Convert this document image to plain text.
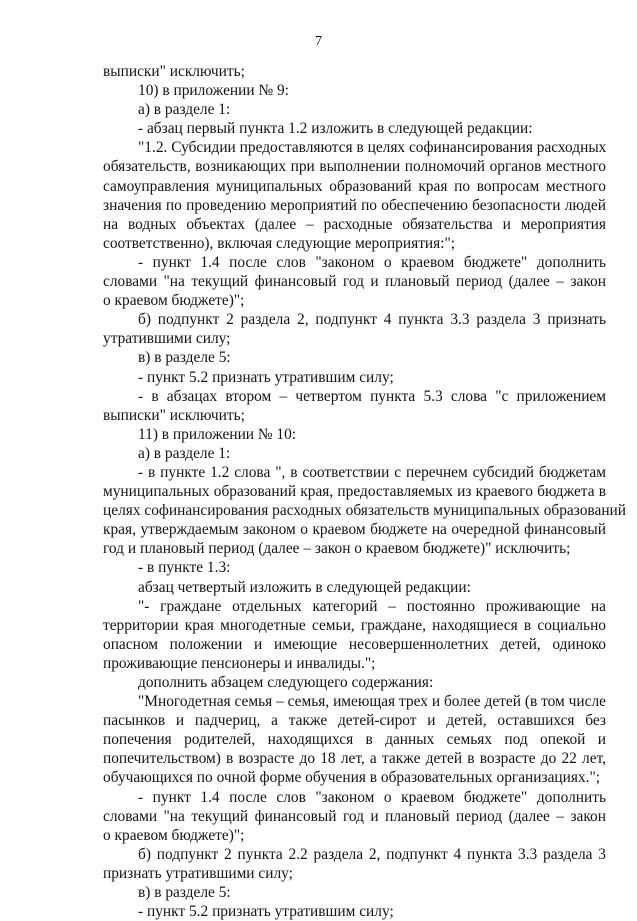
7
выписки" исключить;
10) в приложении № 9:
а) в разделе 1:
- абзац первый пункта 1.2 изложить в следующей редакции:
"1.2. Субсидии предоставляются в целях софинансирования расходных
обязательств, возникающих при выполнении полномочий органов местного
самоуправления муниципальных образований края по вопросам местного
значения по проведению мероприятий по обеспечению безопасности людей
на водных объектах (далее – расходные обязательства и мероприятия
соответственно), включая следующие мероприятия:";
- пункт 1.4 после слов "законом о краевом бюджете" дополнить
словами "на текущий финансовый год и плановый период (далее – закон
о краевом бюджете)";
б) подпункт 2 раздела 2, подпункт 4 пункта 3.3 раздела 3 признать
утратившими силу;
в) в разделе 5:
- пункт 5.2 признать утратившим силу;
- в абзацах втором – четвертом пункта 5.3 слова "с приложением
выписки" исключить;
11) в приложении № 10:
а) в разделе 1:
- в пункте 1.2 слова ", в соответствии с перечнем субсидий бюджетам
муниципальных образований края, предоставляемых из краевого бюджета в
целях софинансирования расходных обязательств муниципальных образований
края, утверждаемым законом о краевом бюджете на очередной финансовый
год и плановый период (далее – закон о краевом бюджете)" исключить;
- в пункте 1.3:
абзац четвертый изложить в следующей редакции:
"- граждане отдельных категорий – постоянно проживающие на
территории края многодетные семьи, граждане, находящиеся в социально
опасном положении и имеющие несовершеннолетних детей, одиноко
проживающие пенсионеры и инвалиды.";
дополнить абзацем следующего содержания:
"Многодетная семья – семья, имеющая трех и более детей (в том числе
пасынков и падчериц, а также детей-сирот и детей, оставшихся без
попечения родителей, находящихся в данных семьях под опекой и
попечительством) в возрасте до 18 лет, а также детей в возрасте до 22 лет,
обучающихся по очной форме обучения в образовательных организациях.";
- пункт 1.4 после слов "законом о краевом бюджете" дополнить
словами "на текущий финансовый год и плановый период (далее – закон
о краевом бюджете)";
б) подпункт 2 пункта 2.2 раздела 2, подпункт 4 пункта 3.3 раздела 3
признать утратившими силу;
в) в разделе 5:
- пункт 5.2 признать утратившим силу;
